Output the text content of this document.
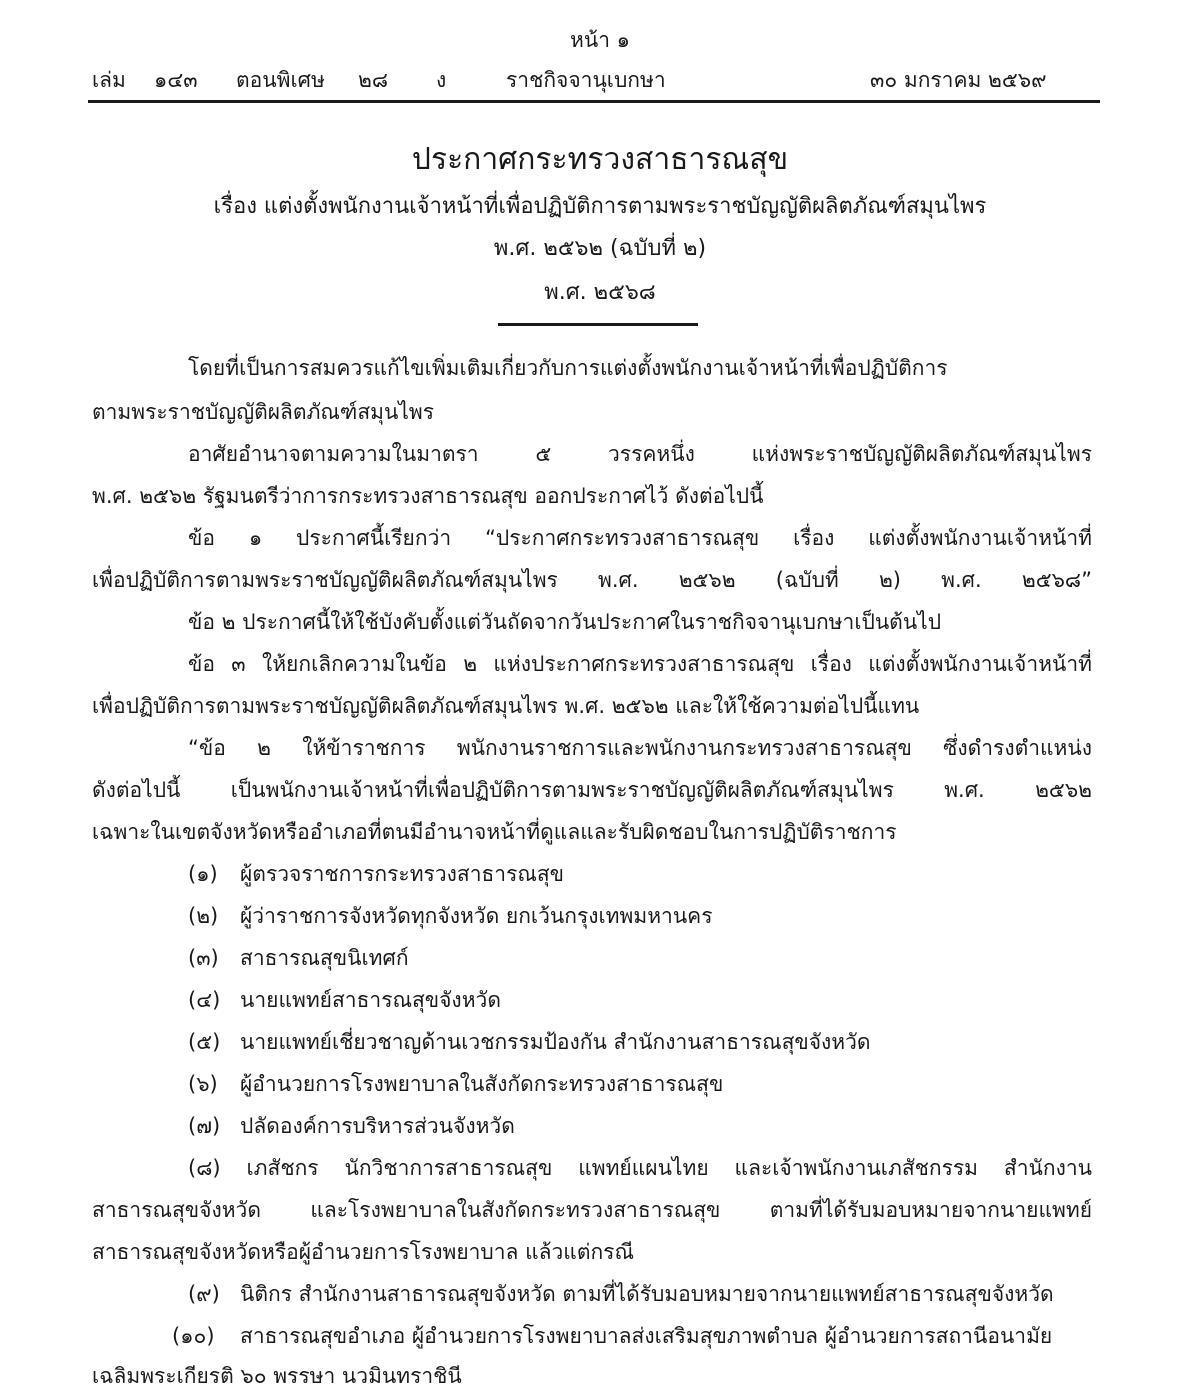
หน้า ๑
เล่ม ๑๔๓ ตอนพิเศษ ๒๘ ง	ราชกิจจานุเบกษา	๓๐ มกราคม ๒๕๖๙
ประกาศกระทรวงสาธารณสุข
เรื่อง แต่งตั้งพนักงานเจ้าหน้าที่เพื่อปฏิบัติการตามพระราชบัญญัติผลิตภัณฑ์สมุนไพร
พ.ศ. ๒๕๖๒ (ฉบับที่ ๒)
พ.ศ. ๒๕๖๘
โดยที่เป็นการสมควรแก้ไขเพิ่มเติมเกี่ยวกับการแต่งตั้งพนักงานเจ้าหน้าที่เพื่อปฏิบัติการ
ตามพระราชบัญญัติผลิตภัณฑ์สมุนไพร
อาศัยอำนาจตามความในมาตรา ๕ วรรคหนึ่ง แห่งพระราชบัญญัติผลิตภัณฑ์สมุนไพร
พ.ศ. ๒๕๖๒ รัฐมนตรีว่าการกระทรวงสาธารณสุข ออกประกาศไว้ ดังต่อไปนี้
ข้อ ๑ ประกาศนี้เรียกว่า “ประกาศกระทรวงสาธารณสุข เรื่อง แต่งตั้งพนักงานเจ้าหน้าที่
เพื่อปฏิบัติการตามพระราชบัญญัติผลิตภัณฑ์สมุนไพร พ.ศ. ๒๕๖๒ (ฉบับที่ ๒) พ.ศ. ๒๕๖๘”
ข้อ ๒ ประกาศนี้ให้ใช้บังคับตั้งแต่วันถัดจากวันประกาศในราชกิจจานุเบกษาเป็นต้นไป
ข้อ ๓ ให้ยกเลิกความในข้อ ๒ แห่งประกาศกระทรวงสาธารณสุข เรื่อง แต่งตั้งพนักงานเจ้าหน้าที่
เพื่อปฏิบัติการตามพระราชบัญญัติผลิตภัณฑ์สมุนไพร พ.ศ. ๒๕๖๒ และให้ใช้ความต่อไปนี้แทน
“ข้อ ๒ ให้ข้าราชการ พนักงานราชการและพนักงานกระทรวงสาธารณสุข ซึ่งดำรงตำแหน่ง
ดังต่อไปนี้ เป็นพนักงานเจ้าหน้าที่เพื่อปฏิบัติการตามพระราชบัญญัติผลิตภัณฑ์สมุนไพร พ.ศ. ๒๕๖๒
เฉพาะในเขตจังหวัดหรืออำเภอที่ตนมีอำนาจหน้าที่ดูแลและรับผิดชอบในการปฏิบัติราชการ
(๑) ผู้ตรวจราชการกระทรวงสาธารณสุข
(๒) ผู้ว่าราชการจังหวัดทุกจังหวัด ยกเว้นกรุงเทพมหานคร
(๓) สาธารณสุขนิเทศก์
(๔) นายแพทย์สาธารณสุขจังหวัด
(๕) นายแพทย์เชี่ยวชาญด้านเวชกรรมป้องกัน สำนักงานสาธารณสุขจังหวัด
(๖) ผู้อำนวยการโรงพยาบาลในสังกัดกระทรวงสาธารณสุข
(๗) ปลัดองค์การบริหารส่วนจังหวัด
(๘) เภสัชกร นักวิชาการสาธารณสุข แพทย์แผนไทย และเจ้าพนักงานเภสัชกรรม สำนักงาน
สาธารณสุขจังหวัด และโรงพยาบาลในสังกัดกระทรวงสาธารณสุข ตามที่ได้รับมอบหมายจากนายแพทย์
สาธารณสุขจังหวัดหรือผู้อำนวยการโรงพยาบาล แล้วแต่กรณี
(๙) นิติกร สำนักงานสาธารณสุขจังหวัด ตามที่ได้รับมอบหมายจากนายแพทย์สาธารณสุขจังหวัด
(๑๐) สาธารณสุขอำเภอ ผู้อำนวยการโรงพยาบาลส่งเสริมสุขภาพตำบล ผู้อำนวยการสถานีอนามัย
เฉลิมพระเกียรติ ๖๐ พรรษา นวมินทราชินี
